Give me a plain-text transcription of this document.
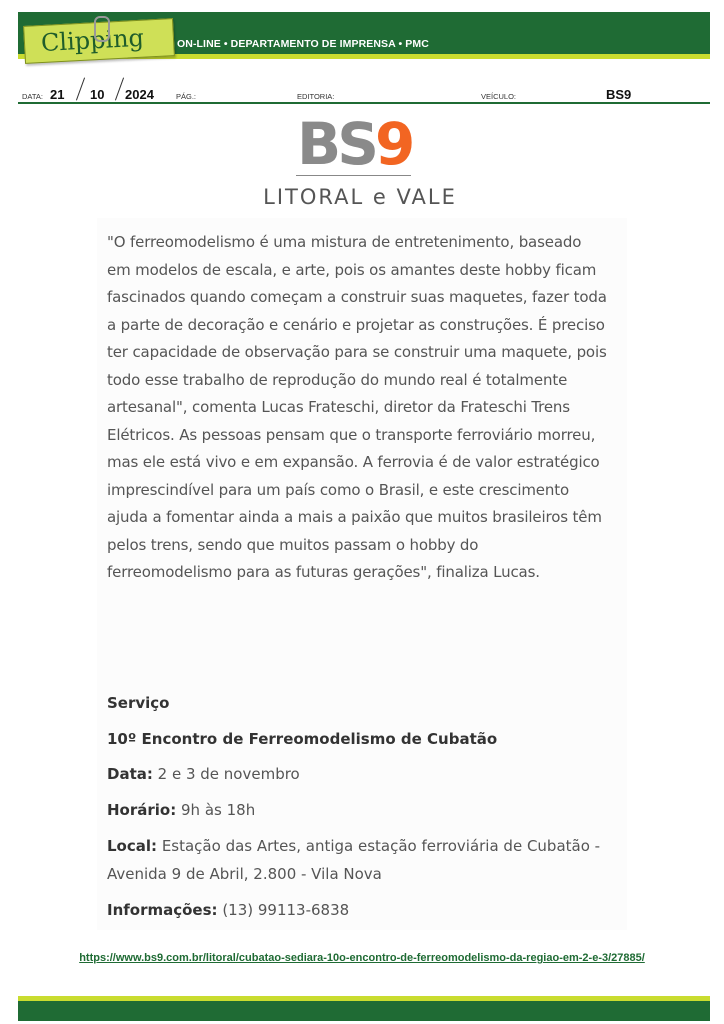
Clipping	ON-LINE • DEPARTAMENTO DE IMPRENSA • PMC
DATA: 21 10 2024	PÁG.:	EDITORIA:	VEÍCULO:	BS9
BS 9
LITORAL e VALE

"O ferreomodelismo é uma mistura de entretenimento, baseado em modelos de escala, e arte, pois os amantes deste hobby ficam fascinados quando começam a construir suas maquetes, fazer toda a parte de decoração e cenário e projetar as construções. É preciso ter capacidade de observação para se construir uma maquete, pois todo esse trabalho de reprodução do mundo real é totalmente artesanal", comenta Lucas Frateschi, diretor da Frateschi Trens Elétricos. As pessoas pensam que o transporte ferroviário morreu, mas ele está vivo e em expansão. A ferrovia é de valor estratégico imprescindível para um país como o Brasil, e este crescimento ajuda a fomentar ainda a mais a paixão que muitos brasileiros têm pelos trens, sendo que muitos passam o hobby do ferreomodelismo para as futuras gerações", finaliza Lucas.

Serviço
10º Encontro de Ferreomodelismo de Cubatão
Data: 2 e 3 de novembro
Horário: 9h às 18h
Local: Estação das Artes, antiga estação ferroviária de Cubatão - Avenida 9 de Abril, 2.800 - Vila Nova
Informações: (13) 99113-6838
https://www.bs9.com.br/litoral/cubatao-sediara-10o-encontro-de-ferreomodelismo-da-regiao-em-2-e-3/27885/
